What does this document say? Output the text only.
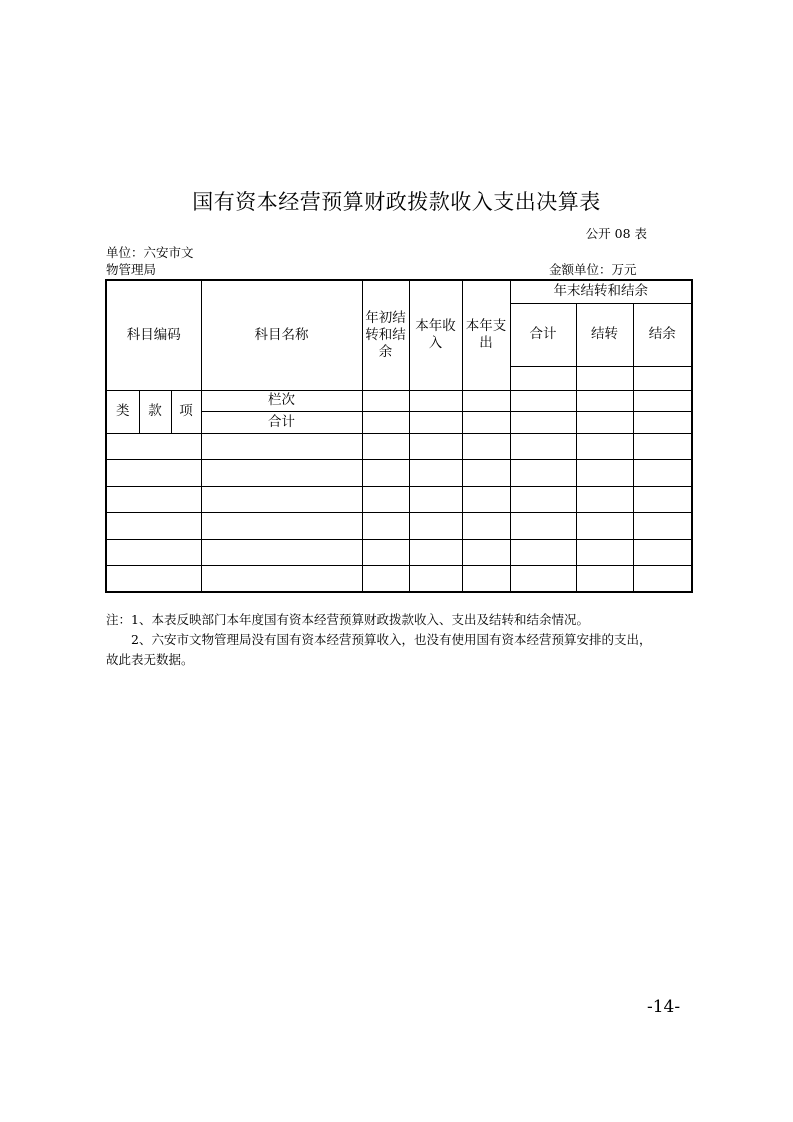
国有资本经营预算财政拨款收入支出决算表
公开 08 表
单位：六安市文
物管理局	金额单位：万元
科目编码			科目名称	年初结转和结余	本年收入	本年支出	年末结转和结余		
							合计	结转	结余

类	款	项	栏次						
			合计						

注：1、本表反映部门本年度国有资本经营预算财政拨款收入、支出及结转和结余情况。
2、六安市文物管理局没有国有资本经营预算收入，也没有使用国有资本经营预算安排的支出，
故此表无数据。
-14-
